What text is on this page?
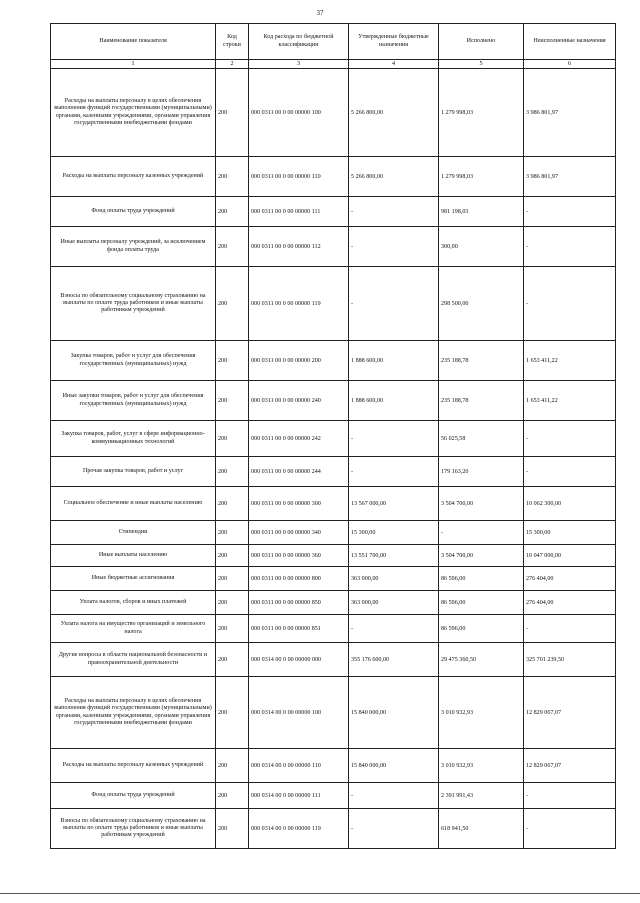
37
Наименование показателя	Код строки	Код расхода по бюджетной классификации	Утвержденные бюджетные назначения	Исполнено	Неисполненные назначения
1	2	3	4	5	6
Расходы на выплаты персоналу в целях обеспечения выполнения функций государственными (муниципальными) органами, казенными учреждениями, органами управления государственными внебюджетными фондами	200	000 0311 00 0 00 00000 100	5 266 800,00	1 279 998,03	3 986 801,97
Расходы на выплаты персоналу казенных учреждений	200	000 0311 00 0 00 00000 110	5 266 800,00	1 279 998,03	3 986 801,97
Фонд оплаты труда учреждений	200	000 0311 00 0 00 00000 111	-	981 198,03	-
Иные выплаты персоналу учреждений, за исключением фонда оплаты труда	200	000 0311 00 0 00 00000 112	-	300,00	-
Взносы по обязательному социальному страхованию на выплаты по оплате труда работников и иные выплаты работникам учреждений	200	000 0311 00 0 00 00000 119	-	298 500,00	-
Закупка товаров, работ и услуг для обеспечения государственных (муниципальных) нужд	200	000 0311 00 0 00 00000 200	1 888 600,00	235 188,78	1 653 411,22
Иные закупки товаров, работ и услуг для обеспечения государственных (муниципальных) нужд	200	000 0311 00 0 00 00000 240	1 888 600,00	235 188,78	1 653 411,22
Закупка товаров, работ, услуг в сфере информационно-коммуникационных технологий	200	000 0311 00 0 00 00000 242	-	56 025,58	-
Прочая закупка товаров, работ и услуг	200	000 0311 00 0 00 00000 244	-	179 163,20	-
Социальное обеспечение и иные выплаты населению	200	000 0311 00 0 00 00000 300	13 567 000,00	3 504 700,00	10 062 300,00
Стипендии	200	000 0311 00 0 00 00000 340	15 300,00	-	15 300,00
Иные выплаты населению	200	000 0311 00 0 00 00000 360	13 551 700,00	3 504 700,00	10 047 000,00
Иные бюджетные ассигнования	200	000 0311 00 0 00 00000 800	363 000,00	86 596,00	276 404,00
Уплата налогов, сборов и иных платежей	200	000 0311 00 0 00 00000 850	363 000,00	86 596,00	276 404,00
Уплата налога на имущество организаций и земельного налога	200	000 0311 00 0 00 00000 851	-	86 596,00	-
Другие вопросы в области национальной безопасности и правоохранительной деятельности	200	000 0314 00 0 00 00000 000	355 176 600,00	29 475 360,50	325 701 239,50
Расходы на выплаты персоналу в целях обеспечения выполнения функций государственными (муниципальными) органами, казенными учреждениями, органами управления государственными внебюджетными фондами	200	000 0314 00 0 00 00000 100	15 840 000,00	3 010 932,93	12 829 067,07
Расходы на выплаты персоналу казенных учреждений	200	000 0314 00 0 00 00000 110	15 840 000,00	3 010 932,93	12 829 067,07
Фонд оплаты труда учреждений	200	000 0314 00 0 00 00000 111	-	2 391 991,43	-
Взносы по обязательному социальному страхованию на выплаты по оплате труда работников и иные выплаты работникам учреждений	200	000 0314 00 0 00 00000 119	-	618 941,50	-
